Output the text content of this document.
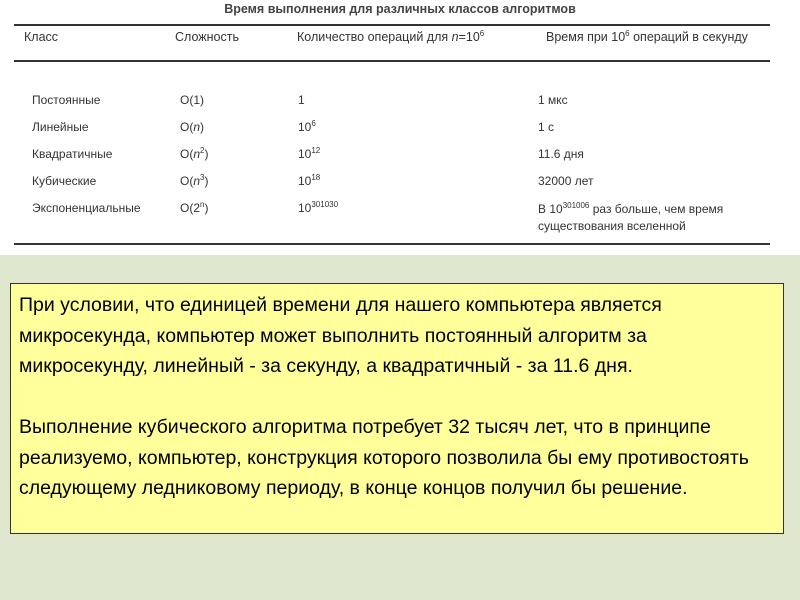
Время выполнения для различных классов алгоритмов
Класс	Сложность	Количество операций для $n=10^6$	Время при $10^6$ операций в секунду
Постоянные	O(1)	1	1 мкс
Линейные	O(n)	$10^6$	1 с
Квадратичные	$O(n^2)$	$10^{12}$	11.6 дня
Кубические	$O(n^3)$	$10^{18}$	32000 лет
Экспоненциальные	O(2$^n$)	$10^{301030}$	В $10^{301006}$ раз больше, чем время существования вселенной

При условии, что единицей времени для нашего компьютера является микросекунда, компьютер может выполнить постоянный алгоритм за микросекунду, линейный - за секунду, а квадратичный - за 11.6 дня.

Выполнение кубического алгоритма потребует 32 тысяч лет, что в принципе реализуемо, компьютер, конструкция которого позволила бы ему противостоять следующему ледниковому периоду, в конце концов получил бы решение.
